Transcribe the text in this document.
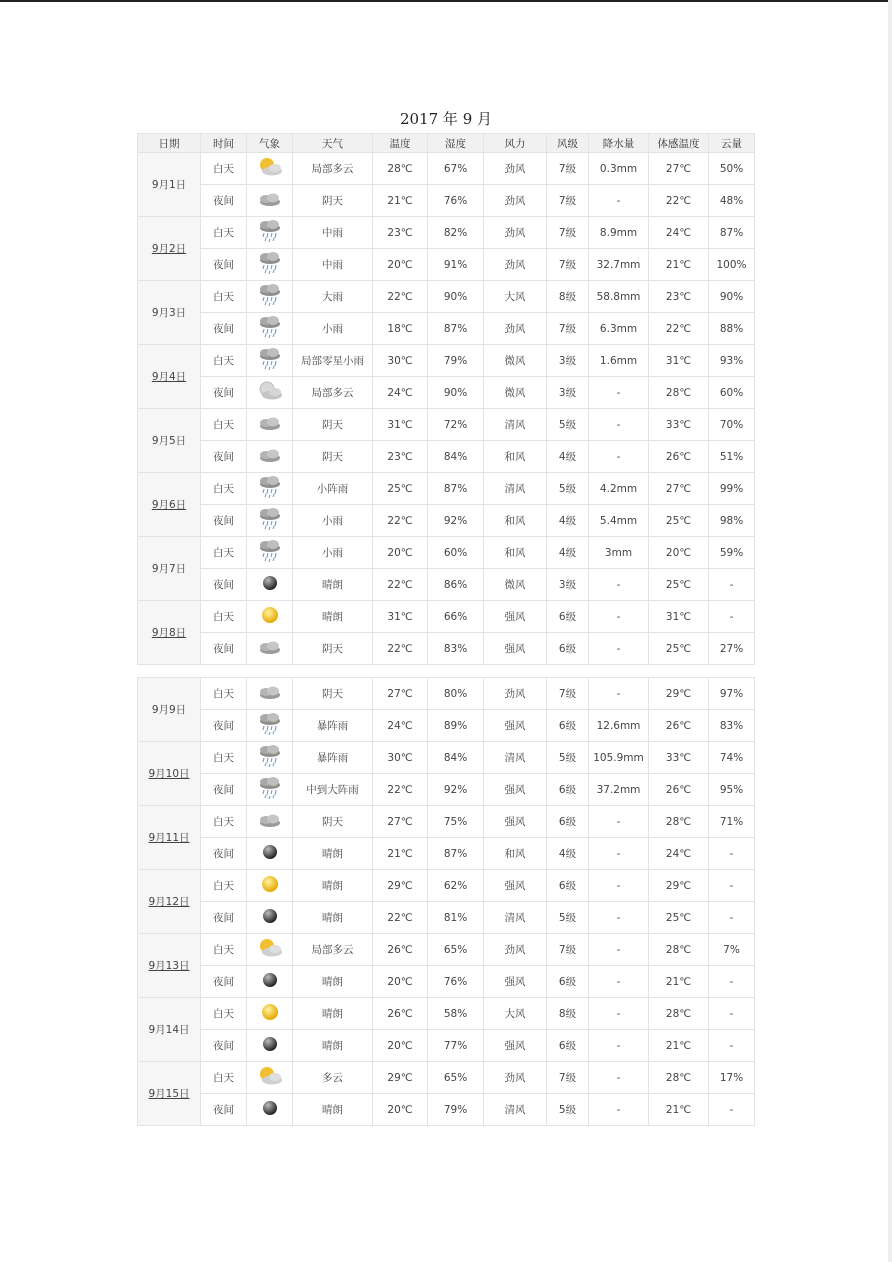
2017 年 9 月
日期	时间	气象	天气	温度	湿度	风力	风级	降水量	体感温度	云量
9月1日	白天		局部多云	28℃	67%	劲风	7级	0.3mm	27℃	50%
	夜间		阴天	21℃	76%	劲风	7级	-	22℃	48%
9月2日	白天		中雨	23℃	82%	劲风	7级	8.9mm	24℃	87%
	夜间		中雨	20℃	91%	劲风	7级	32.7mm	21℃	100%
9月3日	白天		大雨	22℃	90%	大风	8级	58.8mm	23℃	90%
	夜间		小雨	18℃	87%	劲风	7级	6.3mm	22℃	88%
9月4日	白天		局部零星小雨	30℃	79%	微风	3级	1.6mm	31℃	93%
	夜间		局部多云	24℃	90%	微风	3级	-	28℃	60%
9月5日	白天		阴天	31℃	72%	清风	5级	-	33℃	70%
	夜间		阴天	23℃	84%	和风	4级	-	26℃	51%
9月6日	白天		小阵雨	25℃	87%	清风	5级	4.2mm	27℃	99%
	夜间		小雨	22℃	92%	和风	4级	5.4mm	25℃	98%
9月7日	白天		小雨	20℃	60%	和风	4级	3mm	20℃	59%
	夜间		晴朗	22℃	86%	微风	3级	-	25℃	-
9月8日	白天		晴朗	31℃	66%	强风	6级	-	31℃	-
	夜间		阴天	22℃	83%	强风	6级	-	25℃	27%
9月9日	白天		阴天	27℃	80%	劲风	7级	-	29℃	97%
	夜间		暴阵雨	24℃	89%	强风	6级	12.6mm	26℃	83%
9月10日	白天		暴阵雨	30℃	84%	清风	5级	105.9mm	33℃	74%
	夜间		中到大阵雨	22℃	92%	强风	6级	37.2mm	26℃	95%
9月11日	白天		阴天	27℃	75%	强风	6级	-	28℃	71%
	夜间		晴朗	21℃	87%	和风	4级	-	24℃	-
9月12日	白天		晴朗	29℃	62%	强风	6级	-	29℃	-
	夜间		晴朗	22℃	81%	清风	5级	-	25℃	-
9月13日	白天		局部多云	26℃	65%	劲风	7级	-	28℃	7%
	夜间		晴朗	20℃	76%	强风	6级	-	21℃	-
9月14日	白天		晴朗	26℃	58%	大风	8级	-	28℃	-
	夜间		晴朗	20℃	77%	强风	6级	-	21℃	-
9月15日	白天		多云	29℃	65%	劲风	7级	-	28℃	17%
	夜间		晴朗	20℃	79%	清风	5级	-	21℃	-
